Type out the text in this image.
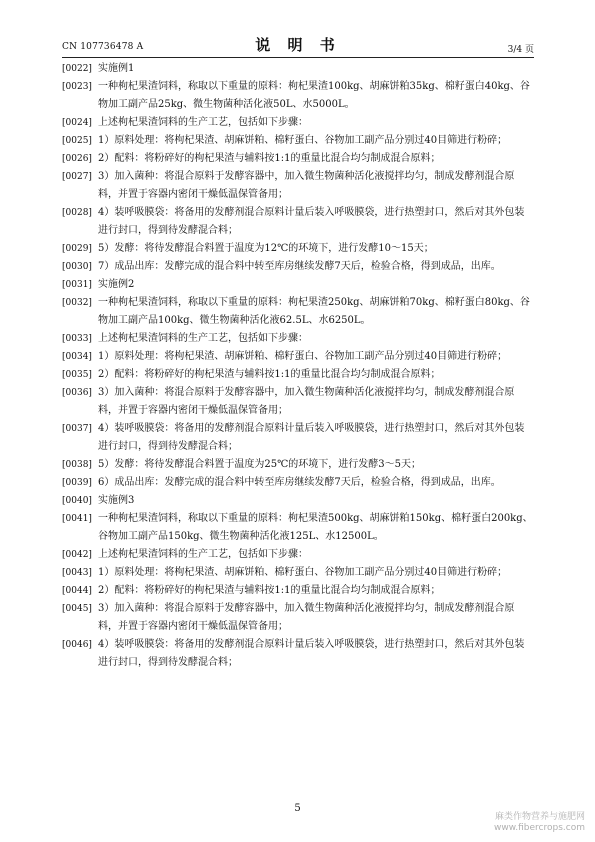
CN 107736478 A	说 明 书	3/4 页
[0022] 实施例1
[0023] 一种枸杞果渣饲料，称取以下重量的原料：枸杞果渣100kg、胡麻饼粕35kg、棉籽蛋白40kg、谷物加工副产品25kg、微生物菌种活化液50L、水5000L。
[0024] 上述枸杞果渣饲料的生产工艺，包括如下步骤：
[0025] 1）原料处理：将枸杞果渣、胡麻饼粕、棉籽蛋白、谷物加工副产品分别过40目筛进行粉碎；
[0026] 2）配料：将粉碎好的枸杞果渣与辅料按1:1的重量比混合均匀制成混合原料；
[0027] 3）加入菌种：将混合原料于发酵容器中，加入微生物菌种活化液搅拌均匀，制成发酵剂混合原料，并置于容器内密闭干燥低温保管备用；
[0028] 4）装呼吸膜袋：将备用的发酵剂混合原料计量后装入呼吸膜袋，进行热塑封口，然后对其外包装进行封口，得到待发酵混合料；
[0029] 5）发酵：将待发酵混合料置于温度为12℃的环境下，进行发酵10～15天；
[0030] 7）成品出库：发酵完成的混合料中转至库房继续发酵7天后，检验合格，得到成品，出库。
[0031] 实施例2
[0032] 一种枸杞果渣饲料，称取以下重量的原料：枸杞果渣250kg、胡麻饼粕70kg、棉籽蛋白80kg、谷物加工副产品100kg、微生物菌种活化液62.5L、水6250L。
[0033] 上述枸杞果渣饲料的生产工艺，包括如下步骤：
[0034] 1）原料处理：将枸杞果渣、胡麻饼粕、棉籽蛋白、谷物加工副产品分别过40目筛进行粉碎；
[0035] 2）配料：将粉碎好的枸杞果渣与辅料按1:1的重量比混合均匀制成混合原料；
[0036] 3）加入菌种：将混合原料于发酵容器中，加入微生物菌种活化液搅拌均匀，制成发酵剂混合原料，并置于容器内密闭干燥低温保管备用；
[0037] 4）装呼吸膜袋：将备用的发酵剂混合原料计量后装入呼吸膜袋，进行热塑封口，然后对其外包装进行封口，得到待发酵混合料；
[0038] 5）发酵：将待发酵混合料置于温度为25℃的环境下，进行发酵3～5天；
[0039] 6）成品出库：发酵完成的混合料中转至库房继续发酵7天后，检验合格，得到成品，出库。
[0040] 实施例3
[0041] 一种枸杞果渣饲料，称取以下重量的原料：枸杞果渣500kg、胡麻饼粕150kg、棉籽蛋白200kg、谷物加工副产品150kg、微生物菌种活化液125L、水12500L。
[0042] 上述枸杞果渣饲料的生产工艺，包括如下步骤：
[0043] 1）原料处理：将枸杞果渣、胡麻饼粕、棉籽蛋白、谷物加工副产品分别过40目筛进行粉碎；
[0044] 2）配料：将粉碎好的枸杞果渣与辅料按1:1的重量比混合均匀制成混合原料；
[0045] 3）加入菌种：将混合原料于发酵容器中，加入微生物菌种活化液搅拌均匀，制成发酵剂混合原料，并置于容器内密闭干燥低温保管备用；
[0046] 4）装呼吸膜袋：将备用的发酵剂混合原料计量后装入呼吸膜袋，进行热塑封口，然后对其外包装进行封口，得到待发酵混合料；
5
麻类作物营养与施肥网
www.fibercrops.com
